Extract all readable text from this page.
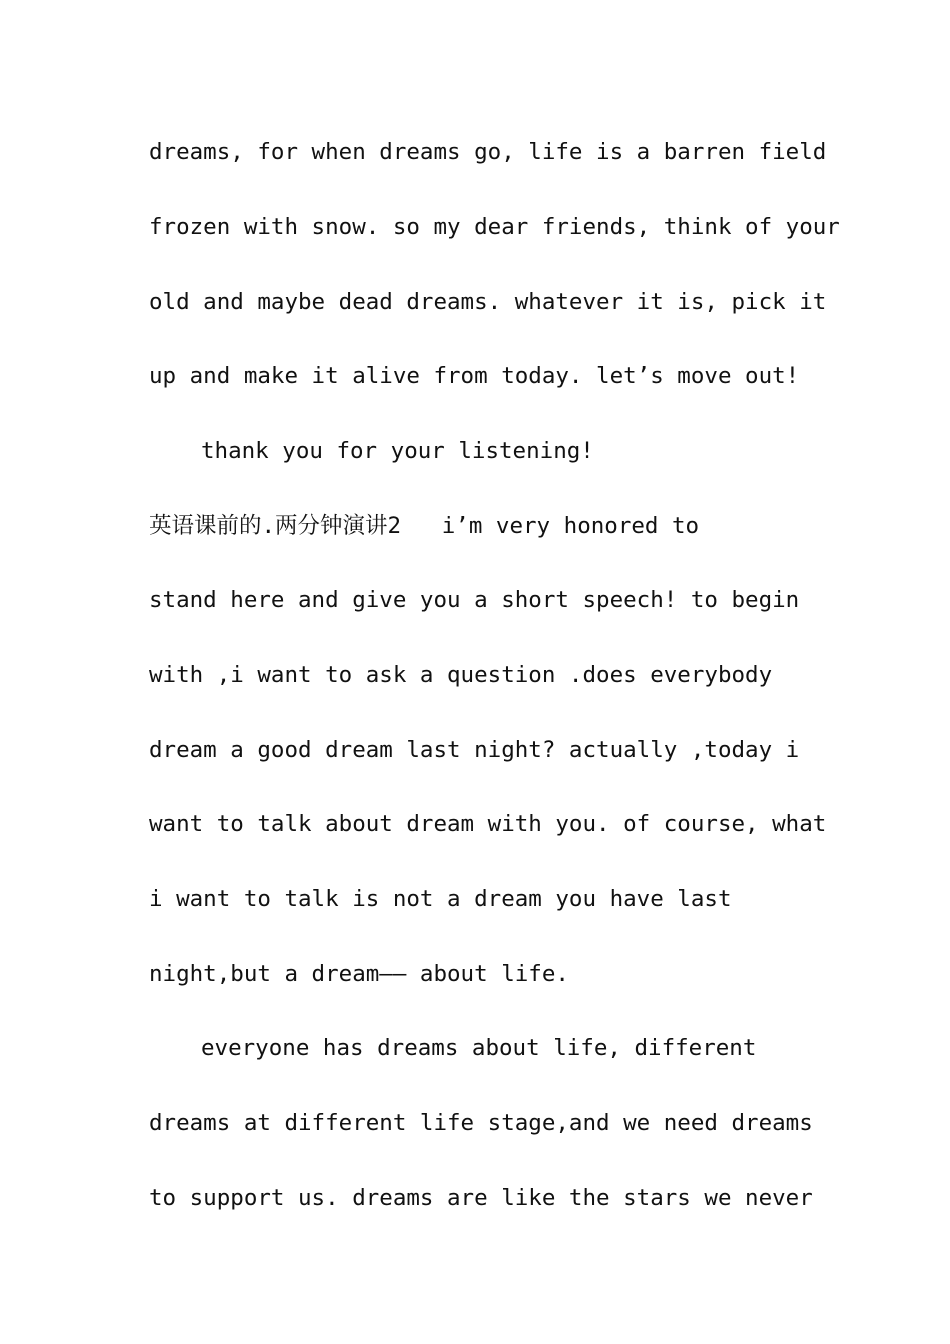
dreams, for when dreams go, life is a barren field
frozen with snow. so my dear friends, think of your
old and maybe dead dreams. whatever it is, pick it
up and make it alive from today. let’s move out!
thank you for your listening!
英语课前的.两分钟演讲2   i’m very honored to
stand here and give you a short speech! to begin
with ,i want to ask a question .does everybody
dream a good dream last night? actually ,today i
want to talk about dream with you. of course, what
i want to talk is not a dream you have last
night,but a dream—— about life.
everyone has dreams about life, different
dreams at different life stage,and we need dreams
to support us. dreams are like the stars we never
